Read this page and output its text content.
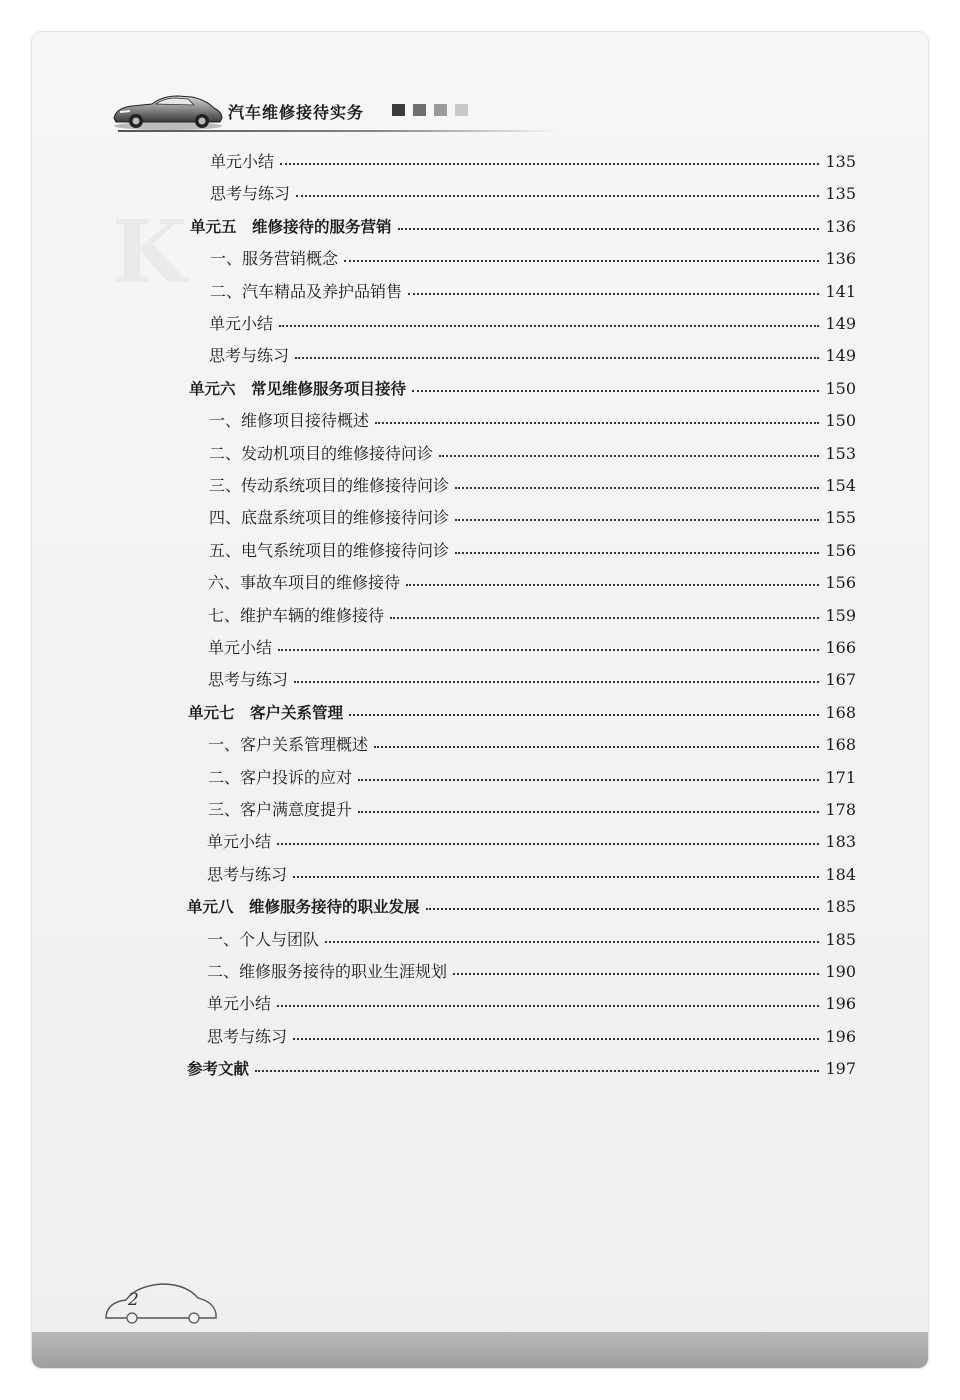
K
汽车维修接待实务
单元小结	135
思考与练习	135
单元五　维修接待的服务营销	136
一、服务营销概念	136
二、汽车精品及养护品销售	141
单元小结	149
思考与练习	149
单元六　常见维修服务项目接待	150
一、维修项目接待概述	150
二、发动机项目的维修接待问诊	153
三、传动系统项目的维修接待问诊	154
四、底盘系统项目的维修接待问诊	155
五、电气系统项目的维修接待问诊	156
六、事故车项目的维修接待	156
七、维护车辆的维修接待	159
单元小结	166
思考与练习	167
单元七　客户关系管理	168
一、客户关系管理概述	168
二、客户投诉的应对	171
三、客户满意度提升	178
单元小结	183
思考与练习	184
单元八　维修服务接待的职业发展	185
一、个人与团队	185
二、维修服务接待的职业生涯规划	190
单元小结	196
思考与练习	196
参考文献	197
2
